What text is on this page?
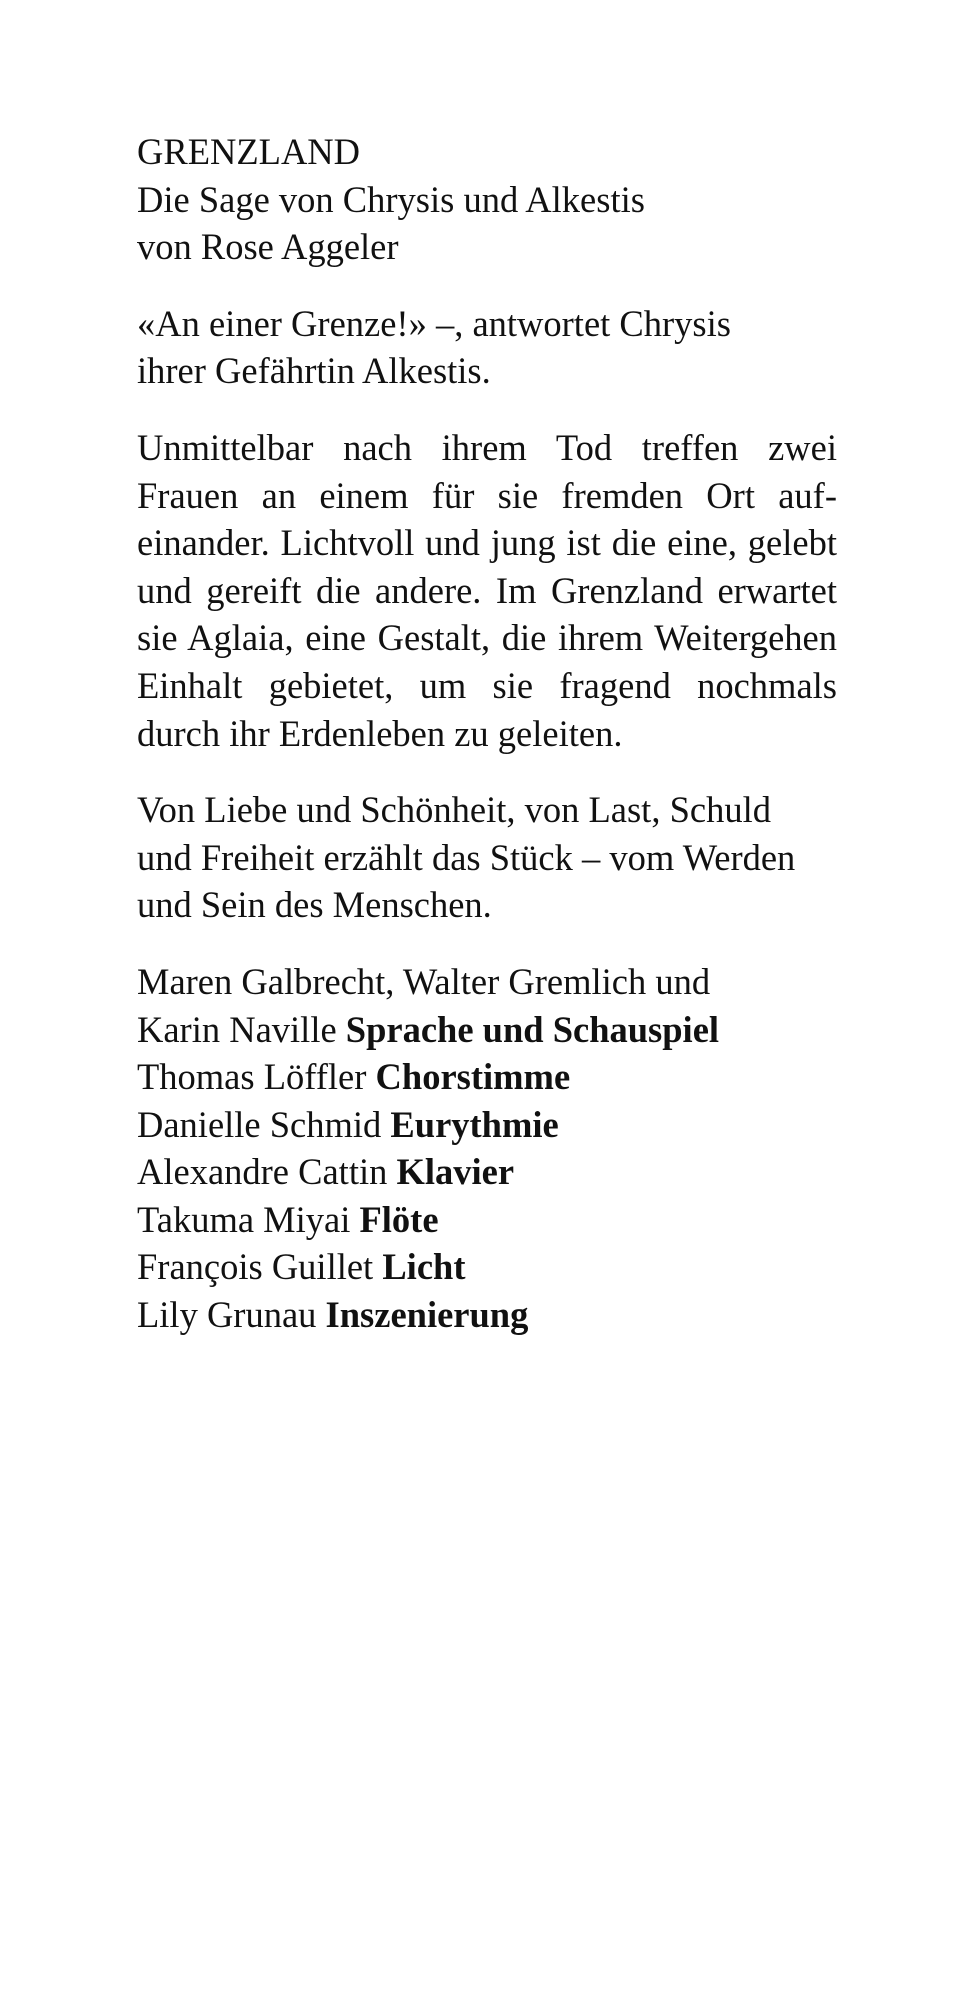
GRENZLAND
Die Sage von Chrysis und Alkestis
von Rose Aggeler
«An einer Grenze!» –, antwortet Chrysis
ihrer Gefährtin Alkestis.
Unmittelbar nach ihrem Tod treffen zwei Frauen an einem für sie fremden Ort aufeinander. Lichtvoll und jung ist die eine, gelebt und gereift die andere. Im Grenzland erwartet sie Aglaia, eine Gestalt, die ihrem Weitergehen Einhalt gebietet, um sie fragend nochmals durch ihr Erdenleben zu geleiten.
Von Liebe und Schönheit, von Last, Schuld
und Freiheit erzählt das Stück – vom Werden
und Sein des Menschen.
Maren Galbrecht, Walter Gremlich und
Karin Naville Sprache und Schauspiel
Thomas Löffler Chorstimme
Danielle Schmid Eurythmie
Alexandre Cattin Klavier
Takuma Miyai Flöte
François Guillet Licht
Lily Grunau Inszenierung
